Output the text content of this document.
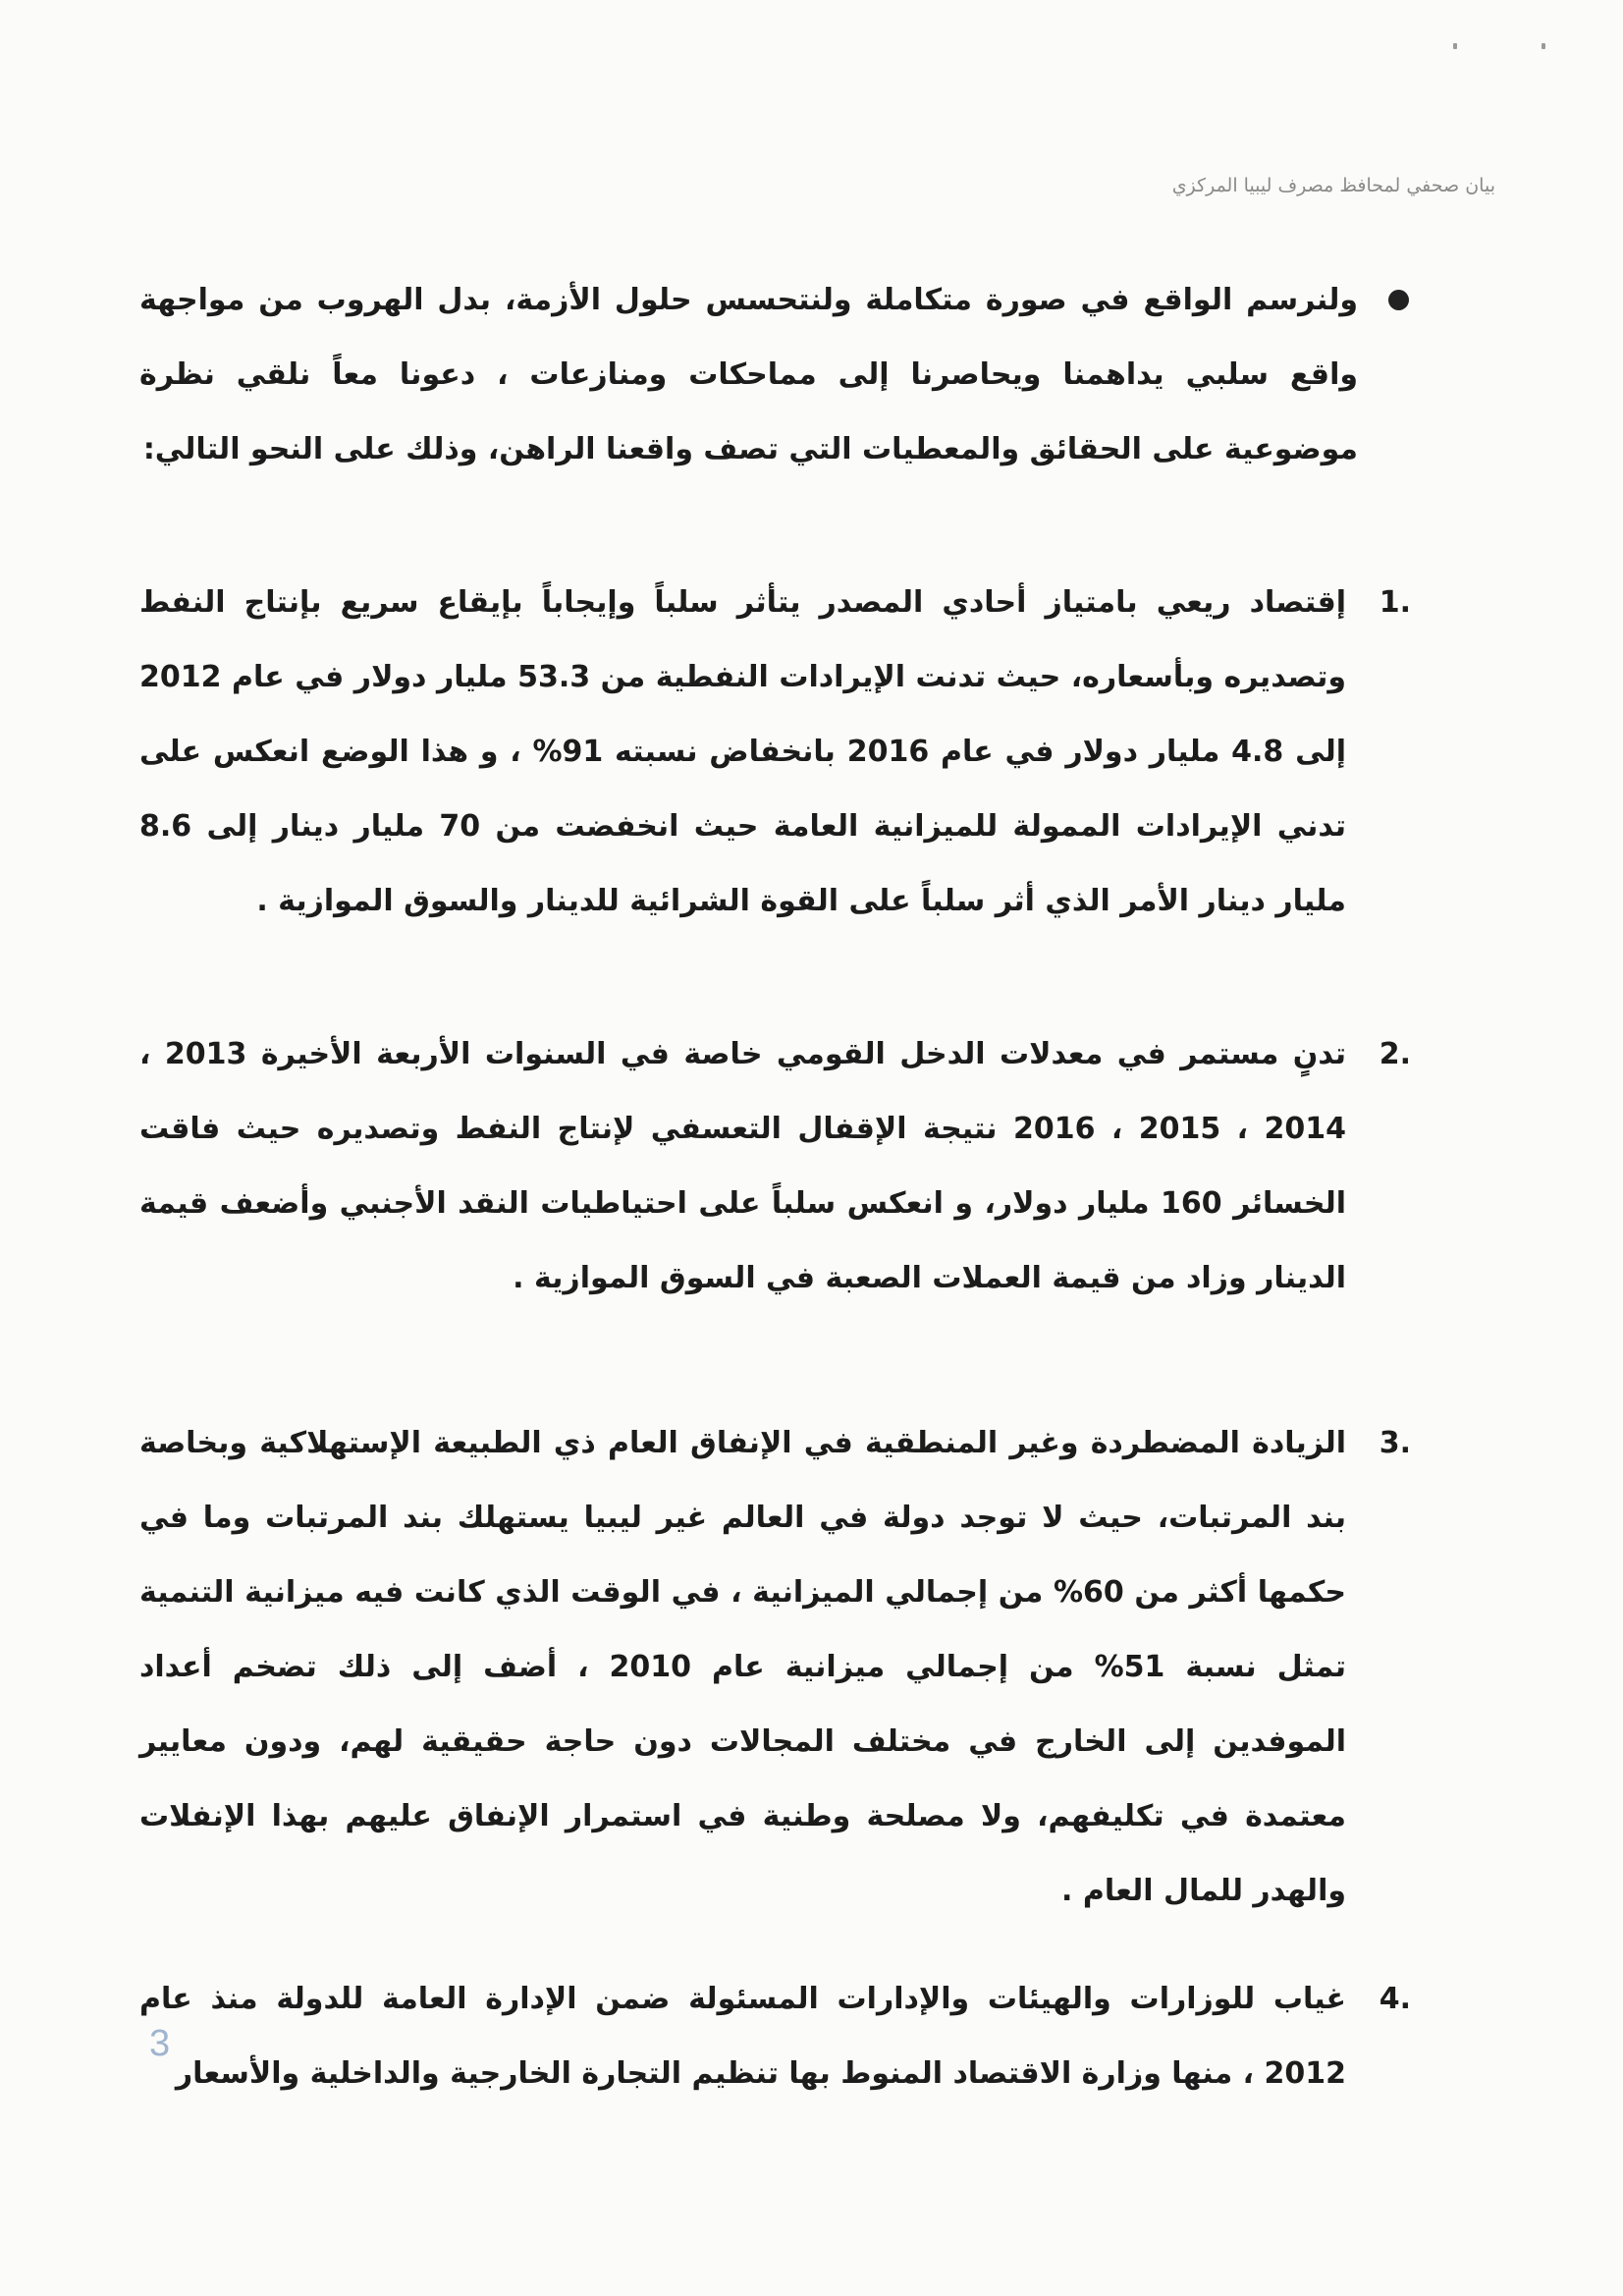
بيان صحفي لمحافظ مصرف ليبيا المركزي

ولنرسم الواقع في صورة متكاملة ولنتحسس حلول الأزمة، بدل الهروب من مواجهة واقع سلبي يداهمنا ويحاصرنا إلى مماحكات ومنازعات ، دعونا معاً نلقي نظرة موضوعية على الحقائق والمعطيات التي تصف واقعنا الراهن، وذلك على النحو التالي:

1.
إقتصاد ريعي بامتياز أحادي المصدر يتأثر سلباً وإيجاباً بإيقاع سريع بإنتاج النفط وتصديره وبأسعاره، حيث تدنت الإيرادات النفطية من 53.3 مليار دولار في عام 2012 إلى 4.8 مليار دولار في عام 2016 بانخفاض نسبته 91% ، و هذا الوضع انعكس على تدني الإيرادات الممولة للميزانية العامة حيث انخفضت من 70 مليار دينار إلى 8.6 مليار دينار الأمر الذي أثر سلباً على القوة الشرائية للدينار والسوق الموازية .

2.
تدنٍ مستمر في معدلات الدخل القومي خاصة في السنوات الأربعة الأخيرة 2013 ، 2014 ، 2015 ، 2016 نتيجة الإقفال التعسفي لإنتاج النفط وتصديره حيث فاقت الخسائر 160 مليار دولار، و انعكس سلباً على احتياطيات النقد الأجنبي وأضعف قيمة الدينار وزاد من قيمة العملات الصعبة في السوق الموازية .

3.
الزيادة المضطردة وغير المنطقية في الإنفاق العام ذي الطبيعة الإستهلاكية وبخاصة بند المرتبات، حيث لا توجد دولة في العالم غير ليبيا يستهلك بند المرتبات وما في حكمها أكثر من 60% من إجمالي الميزانية ، في الوقت الذي كانت فيه ميزانية التنمية تمثل نسبة 51% من إجمالي ميزانية عام 2010 ، أضف إلى ذلك تضخم أعداد الموفدين إلى الخارج في مختلف المجالات دون حاجة حقيقية لهم، ودون معايير معتمدة في تكليفهم، ولا مصلحة وطنية في استمرار الإنفاق عليهم بهذا الإنفلات والهدر للمال العام .

4.
غياب للوزارات والهيئات والإدارات المسئولة ضمن الإدارة العامة للدولة منذ عام 2012 ، منها وزارة الاقتصاد المنوط بها تنظيم التجارة الخارجية والداخلية والأسعار

3
